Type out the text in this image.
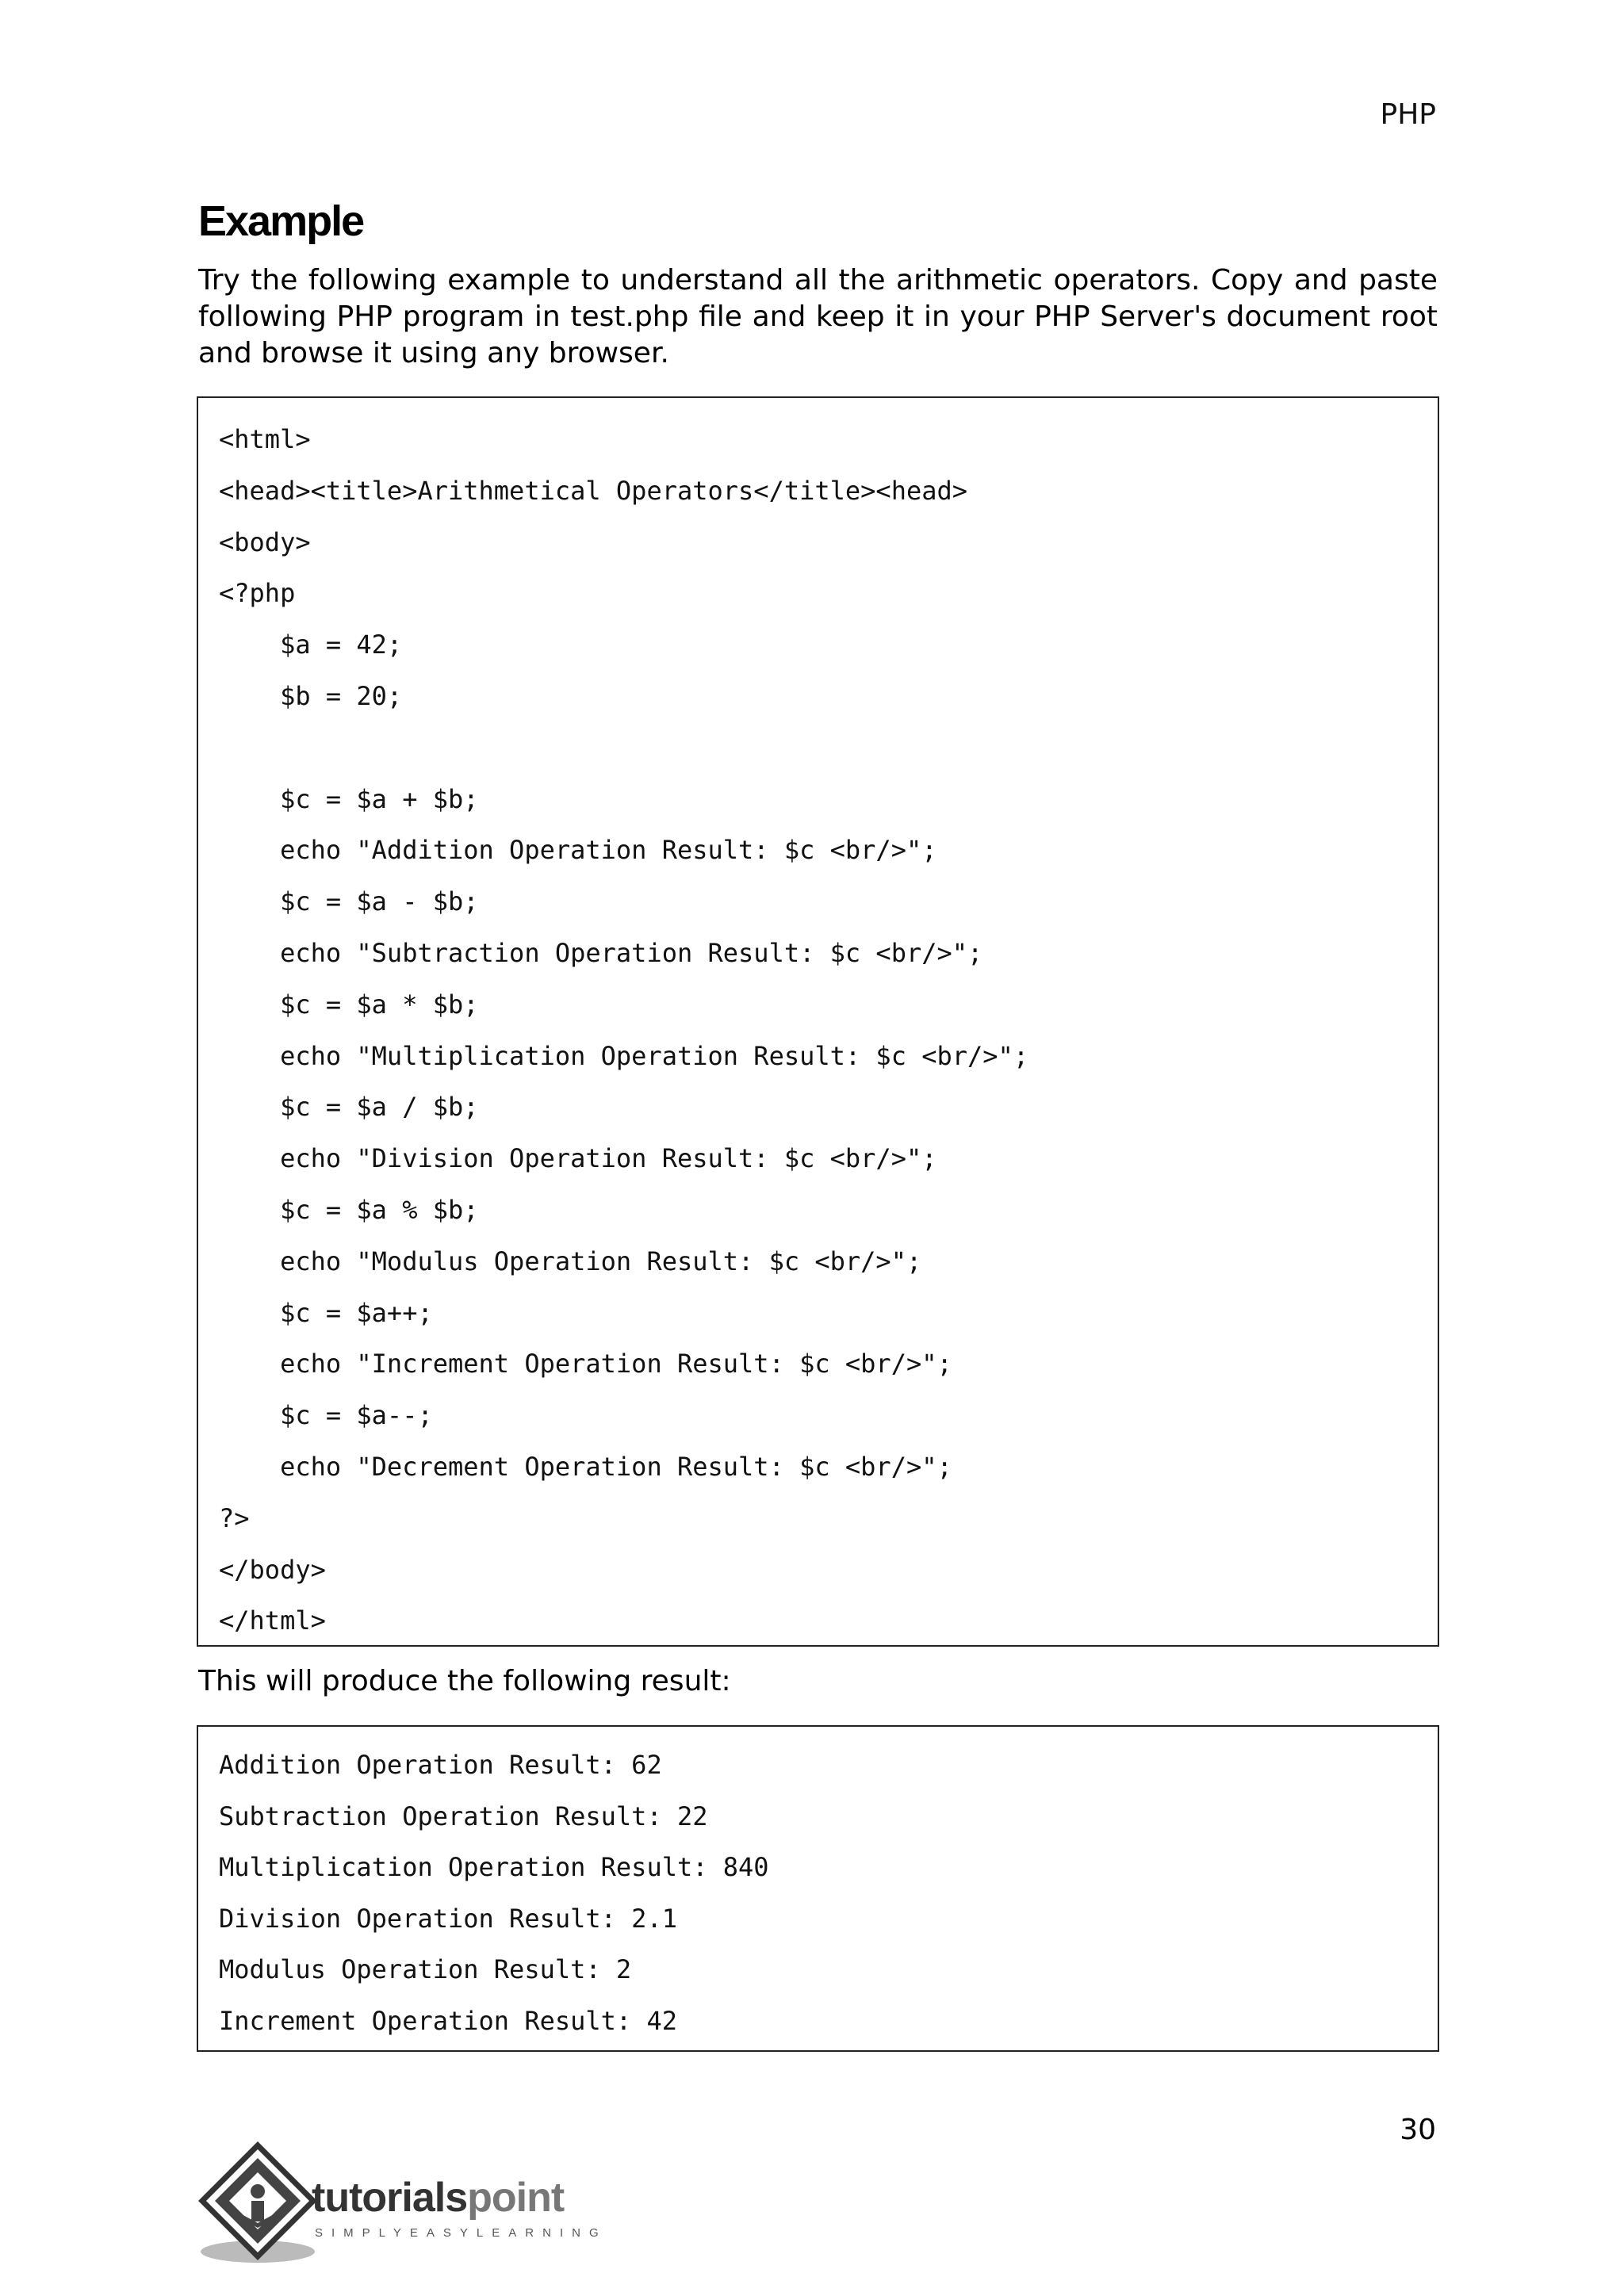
PHP
Example

Try the following example to understand all the arithmetic operators. Copy and paste following PHP program in test.php file and keep it in your PHP Server's document root and browse it using any browser.

<html>
<head><title>Arithmetical Operators</title><head>
<body>
<?php
$a = 42;
$b = 20;
$c = $a + $b;
echo "Addition Operation Result: $c <br/>";
$c = $a - $b;
echo "Subtraction Operation Result: $c <br/>";
$c = $a * $b;
echo "Multiplication Operation Result: $c <br/>";
$c = $a / $b;
echo "Division Operation Result: $c <br/>";
$c = $a % $b;
echo "Modulus Operation Result: $c <br/>";
$c = $a++;
echo "Increment Operation Result: $c <br/>";
$c = $a--;
echo "Decrement Operation Result: $c <br/>";
?>
</body>
</html>

This will produce the following result:

Addition Operation Result: 62
Subtraction Operation Result: 22
Multiplication Operation Result: 840
Division Operation Result: 2.1
Modulus Operation Result: 2
Increment Operation Result: 42
30
tutorialspoint
SIMPLYEASYLEARNING
